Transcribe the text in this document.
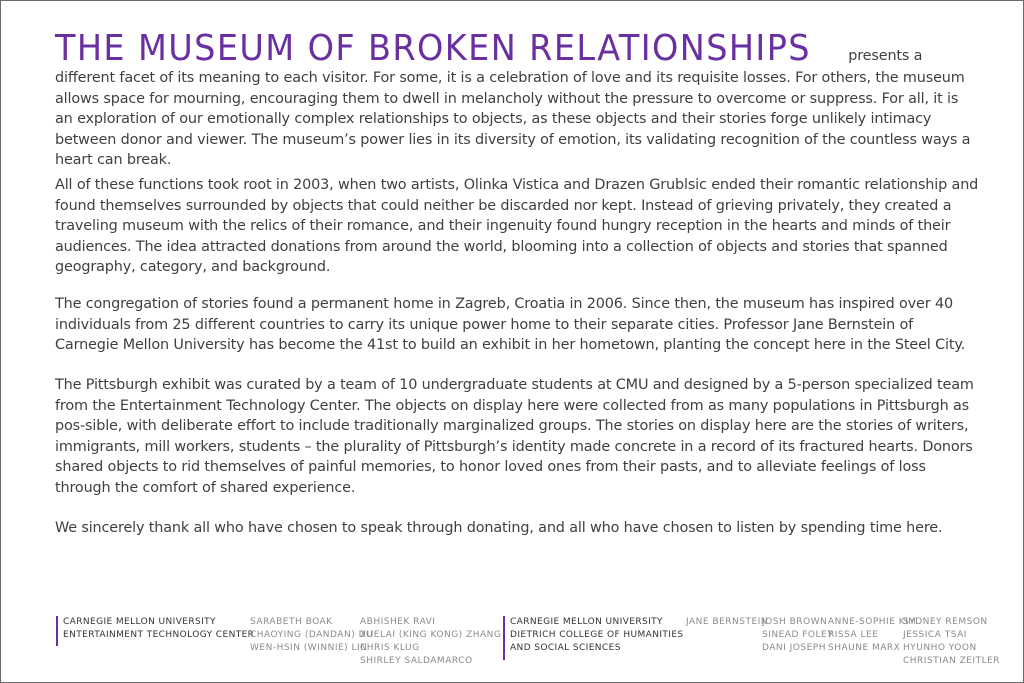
THE MUSEUM OF BROKEN RELATIONSHIPS presents a different facet of its meaning to each visitor. For some, it is a celebration of love and its requisite losses. For others, the museum allows space for mourning, encouraging them to dwell in melancholy without the pressure to overcome or suppress. For all, it is an exploration of our emotionally complex relationships to objects, as these objects and their stories forge unlikely intimacy between donor and viewer. The museum’s power lies in its diversity of emotion, its validating recognition of the countless ways a heart can break.

All of these functions took root in 2003, when two artists, Olinka Vistica and Drazen Grublsic ended their romantic relationship and found themselves surrounded by objects that could neither be discarded nor kept. Instead of grieving privately, they created a traveling museum with the relics of their romance, and their ingenuity found hungry reception in the hearts and minds of their audiences. The idea attracted donations from around the world, blooming into a collection of objects and stories that spanned geography, category, and background.

The congregation of stories found a permanent home in Zagreb, Croatia in 2006. Since then, the museum has inspired over 40 individuals from 25 different countries to carry its unique power home to their separate cities. Professor Jane Bernstein of Carnegie Mellon University has become the 41st to build an exhibit in her hometown, planting the concept here in the Steel City.

The Pittsburgh exhibit was curated by a team of 10 undergraduate students at CMU and designed by a 5-person specialized team from the Entertainment Technology Center. The objects on display here were collected from as many populations in Pittsburgh as pos-sible, with deliberate effort to include traditionally marginalized groups. The stories on display here are the stories of writers, immigrants, mill workers, students – the plurality of Pittsburgh’s identity made concrete in a record of its fractured hearts. Donors shared objects to rid themselves of painful memories, to honor loved ones from their pasts, and to alleviate feelings of loss through the comfort of shared experience.

We sincerely thank all who have chosen to speak through donating, and all who have chosen to listen by spending time here.

CARNEGIE MELLON UNIVERSITY
ENTERTAINMENT TECHNOLOGY CENTER
SARABETH BOAK
CHAOYING (DANDAN) DU
WEN-HSIN (WINNIE) LIN
ABHISHEK RAVI
XUELAI (KING KONG) ZHANG
CHRIS KLUG
SHIRLEY SALDAMARCO
CARNEGIE MELLON UNIVERSITY
DIETRICH COLLEGE OF HUMANITIES
AND SOCIAL SCIENCES
JANE BERNSTEIN
JOSH BROWN
SINEAD FOLEY
DANI JOSEPH
ANNE-SOPHIE KIM
RISSA LEE
SHAUNE MARX
SYDNEY REMSON
JESSICA TSAI
HYUNHO YOON
CHRISTIAN ZEITLER
